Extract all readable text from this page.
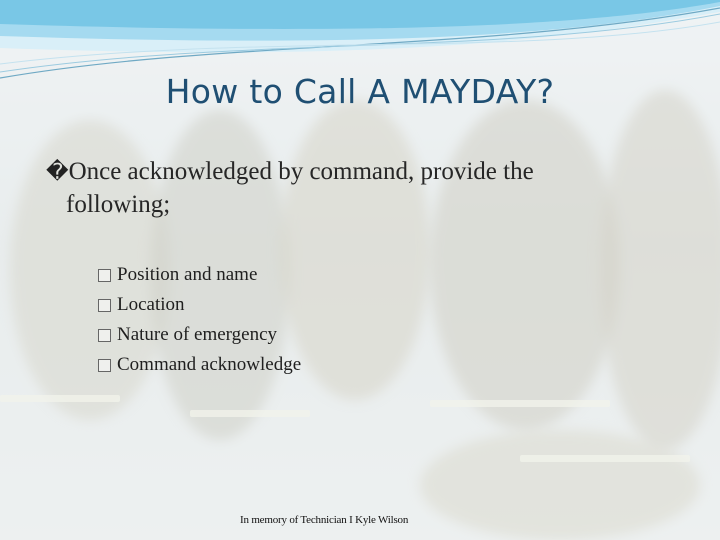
How to Call A MAYDAY?
�Once acknowledged by command, provide the
following;
Position and name
Location
Nature of emergency
Command acknowledge
In memory of Technician I Kyle Wilson
